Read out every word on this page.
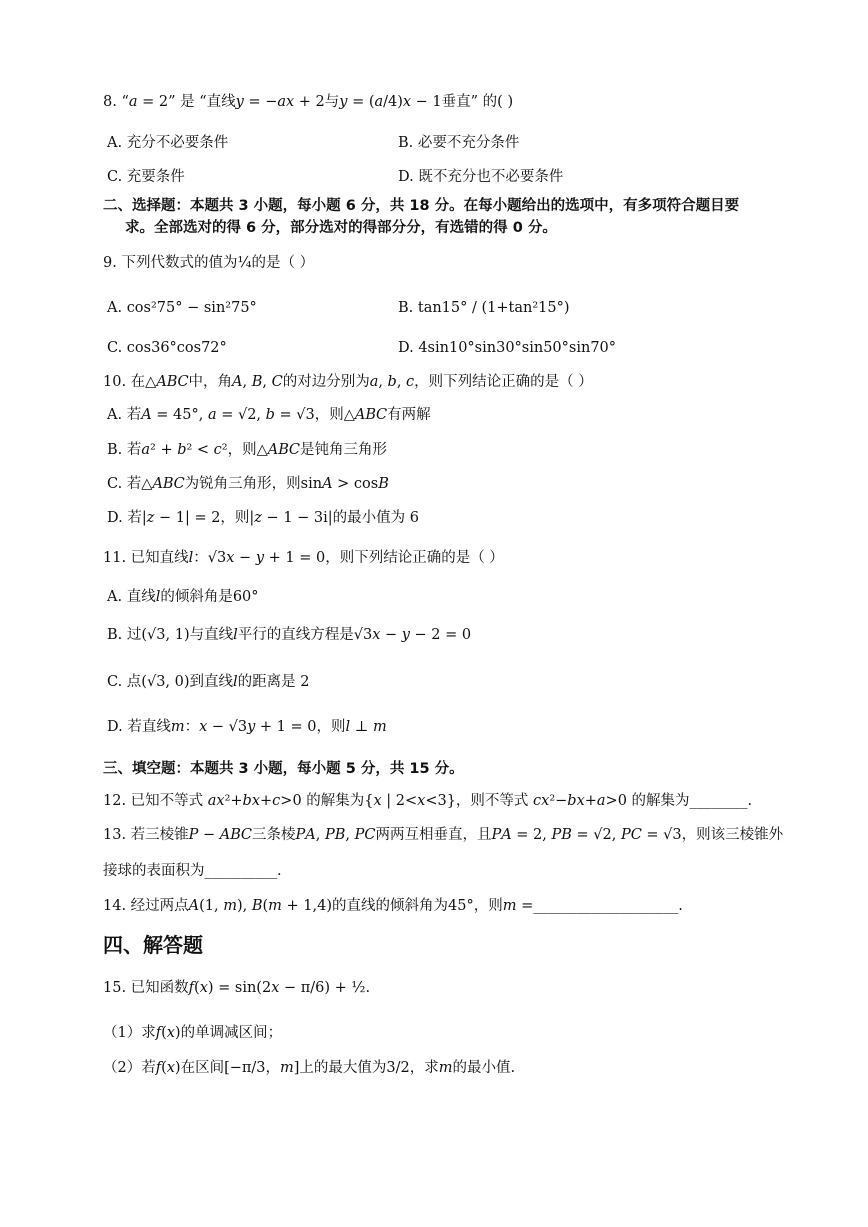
8. “𝑎 = 2” 是 “直线𝑦 = −𝑎𝑥 + 2与𝑦 = (𝑎/4)𝑥 − 1垂直” 的( )
A. 充分不必要条件	B. 必要不充分条件
C. 充要条件	D. 既不充分也不必要条件
二、选择题：本题共 3 小题，每小题 6 分，共 18 分。在每小题给出的选项中，有多项符合题目要
求。全部选对的得 6 分，部分选对的得部分分，有选错的得 0 分。
9. 下列代数式的值为¼的是（ ）
A. cos²75° − sin²75°	B. tan15° / (1+tan²15°)
C. cos36°cos72°	D. 4sin10°sin30°sin50°sin70°
10. 在△𝐴𝐵𝐶中，角𝐴, 𝐵, 𝐶的对边分别为𝑎, 𝑏, 𝑐，则下列结论正确的是（ ）
A. 若𝐴 = 45°, 𝑎 = √2, 𝑏 = √3，则△𝐴𝐵𝐶有两解
B. 若𝑎² + 𝑏² < 𝑐²，则△𝐴𝐵𝐶是钝角三角形
C. 若△𝐴𝐵𝐶为锐角三角形，则sin𝐴 > cos𝐵
D. 若|𝑧 − 1| = 2，则|𝑧 − 1 − 3i|的最小值为 6
11. 已知直线𝑙：√3𝑥 − 𝑦 + 1 = 0，则下列结论正确的是（ ）
A. 直线𝑙的倾斜角是60°
B. 过(√3, 1)与直线𝑙平行的直线方程是√3𝑥 − 𝑦 − 2 = 0
C. 点(√3, 0)到直线𝑙的距离是 2
D. 若直线𝑚：𝑥 − √3𝑦 + 1 = 0，则𝑙 ⊥ 𝑚
三、填空题：本题共 3 小题，每小题 5 分，共 15 分。
12. 已知不等式 𝑎𝑥²+𝑏𝑥+𝑐>0 的解集为{𝑥 | 2<𝑥<3}，则不等式 𝑐𝑥²−𝑏𝑥+𝑎>0 的解集为________.
13. 若三棱锥𝑃 − 𝐴𝐵𝐶三条棱𝑃𝐴, 𝑃𝐵, 𝑃𝐶两两互相垂直，且𝑃𝐴 = 2, 𝑃𝐵 = √2, 𝑃𝐶 = √3，则该三棱锥外
接球的表面积为__________.
14. 经过两点𝐴(1, 𝑚), 𝐵(𝑚 + 1,4)的直线的倾斜角为45°，则𝑚 =____________________.
四、解答题
15. 已知函数𝑓(𝑥) = sin(2𝑥 − π/6) + ½.
（1）求𝑓(𝑥)的单调减区间；
（2）若𝑓(𝑥)在区间[−π/3，𝑚]上的最大值为3/2，求𝑚的最小值.
